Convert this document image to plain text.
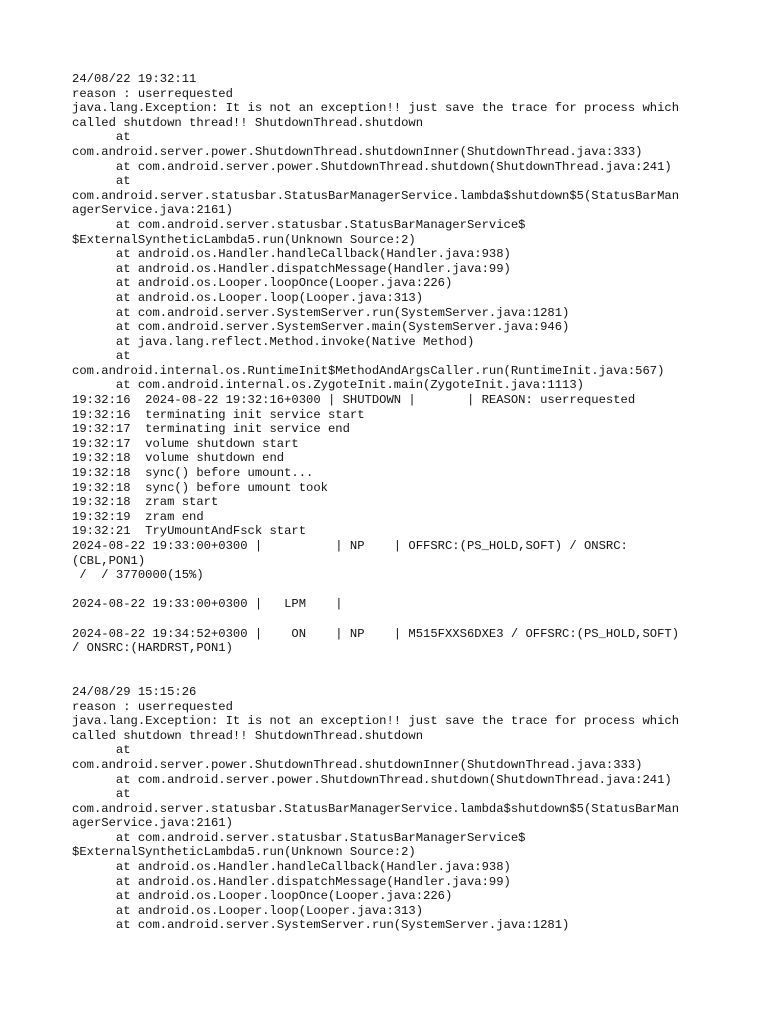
24/08/22 19:32:11
reason : userrequested
java.lang.Exception: It is not an exception!! just save the trace for process which
called shutdown thread!! ShutdownThread.shutdown
at
com.android.server.power.ShutdownThread.shutdownInner(ShutdownThread.java:333)
at com.android.server.power.ShutdownThread.shutdown(ShutdownThread.java:241)
at
com.android.server.statusbar.StatusBarManagerService.lambda$shutdown$5(StatusBarMan
agerService.java:2161)
at com.android.server.statusbar.StatusBarManagerService$
$ExternalSyntheticLambda5.run(Unknown Source:2)
at android.os.Handler.handleCallback(Handler.java:938)
at android.os.Handler.dispatchMessage(Handler.java:99)
at android.os.Looper.loopOnce(Looper.java:226)
at android.os.Looper.loop(Looper.java:313)
at com.android.server.SystemServer.run(SystemServer.java:1281)
at com.android.server.SystemServer.main(SystemServer.java:946)
at java.lang.reflect.Method.invoke(Native Method)
at
com.android.internal.os.RuntimeInit$MethodAndArgsCaller.run(RuntimeInit.java:567)
at com.android.internal.os.ZygoteInit.main(ZygoteInit.java:1113)
19:32:16  2024-08-22 19:32:16+0300 | SHUTDOWN |       | REASON: userrequested
19:32:16  terminating init service start
19:32:17  terminating init service end
19:32:17  volume shutdown start
19:32:18  volume shutdown end
19:32:18  sync() before umount...
19:32:18  sync() before umount took
19:32:18  zram start
19:32:19  zram end
19:32:21  TryUmountAndFsck start
2024-08-22 19:33:00+0300 |          | NP    | OFFSRC:(PS_HOLD,SOFT) / ONSRC:
(CBL,PON1)
/  / 3770000(15%)
2024-08-22 19:33:00+0300 |   LPM    |
2024-08-22 19:34:52+0300 |    ON    | NP    | M515FXXS6DXE3 / OFFSRC:(PS_HOLD,SOFT)
/ ONSRC:(HARDRST,PON1)
24/08/29 15:15:26
reason : userrequested
java.lang.Exception: It is not an exception!! just save the trace for process which
called shutdown thread!! ShutdownThread.shutdown
at
com.android.server.power.ShutdownThread.shutdownInner(ShutdownThread.java:333)
at com.android.server.power.ShutdownThread.shutdown(ShutdownThread.java:241)
at
com.android.server.statusbar.StatusBarManagerService.lambda$shutdown$5(StatusBarMan
agerService.java:2161)
at com.android.server.statusbar.StatusBarManagerService$
$ExternalSyntheticLambda5.run(Unknown Source:2)
at android.os.Handler.handleCallback(Handler.java:938)
at android.os.Handler.dispatchMessage(Handler.java:99)
at android.os.Looper.loopOnce(Looper.java:226)
at android.os.Looper.loop(Looper.java:313)
at com.android.server.SystemServer.run(SystemServer.java:1281)
